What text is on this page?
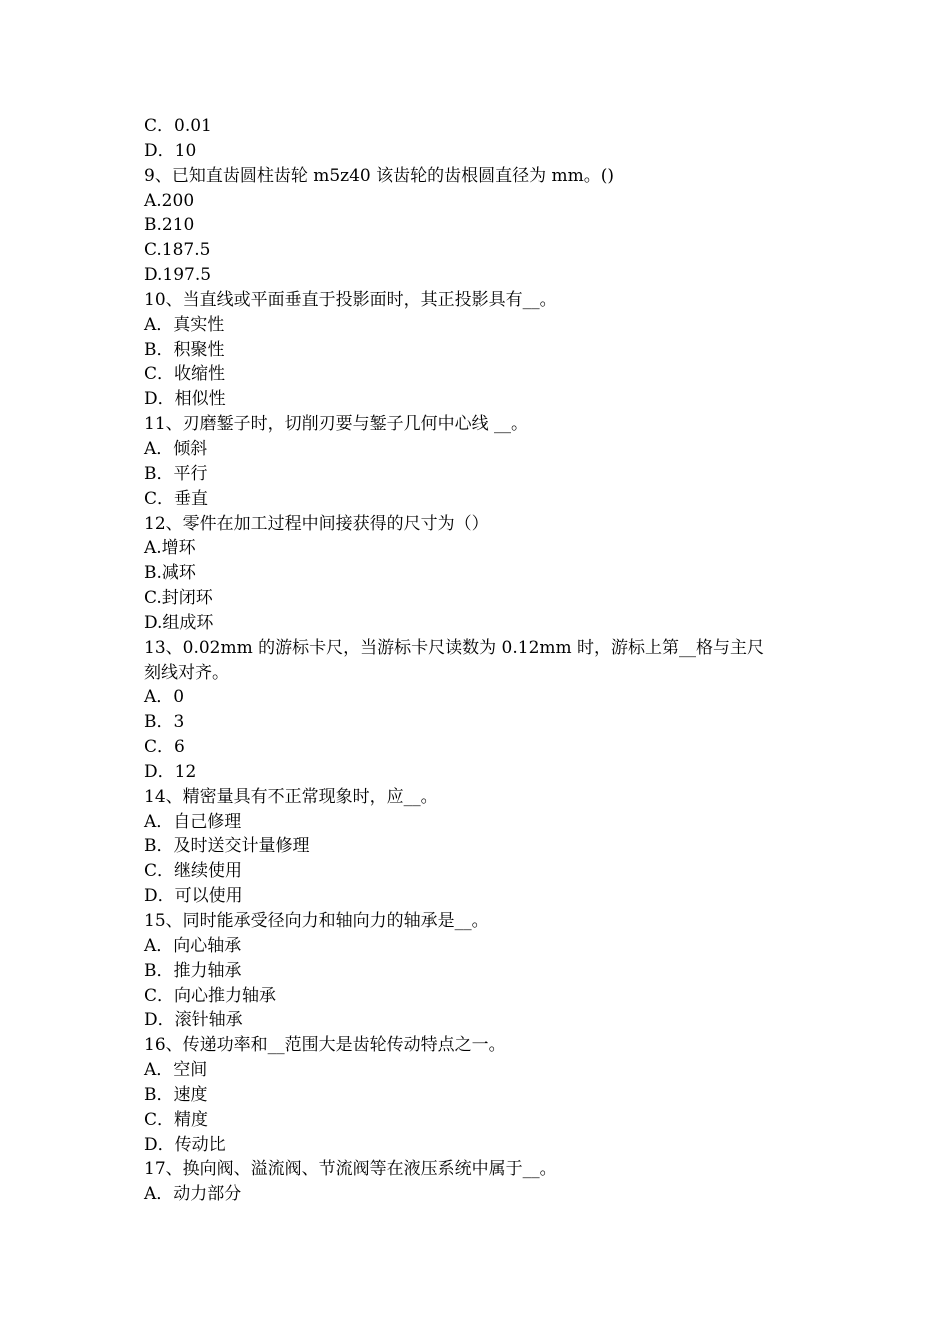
C．0.01
D．10
9、已知直齿圆柱齿轮 m5z40 该齿轮的齿根圆直径为 mm。()
A.200
B.210
C.187.5
D.197.5
10、当直线或平面垂直于投影面时，其正投影具有__。
A．真实性
B．积聚性
C．收缩性
D．相似性
11、刃磨錾子时，切削刃要与錾子几何中心线 __。
A．倾斜
B．平行
C．垂直
12、零件在加工过程中间接获得的尺寸为（）
A.增环
B.减环
C.封闭环
D.组成环
13、0.02mm 的游标卡尺，当游标卡尺读数为 0.12mm 时，游标上第__格与主尺
刻线对齐。
A．0
B．3
C．6
D．12
14、精密量具有不正常现象时，应__。
A．自己修理
B．及时送交计量修理
C．继续使用
D．可以使用
15、同时能承受径向力和轴向力的轴承是__。
A．向心轴承
B．推力轴承
C．向心推力轴承
D．滚针轴承
16、传递功率和__范围大是齿轮传动特点之一。
A．空间
B．速度
C．精度
D．传动比
17、换向阀、溢流阀、节流阀等在液压系统中属于__。
A．动力部分
